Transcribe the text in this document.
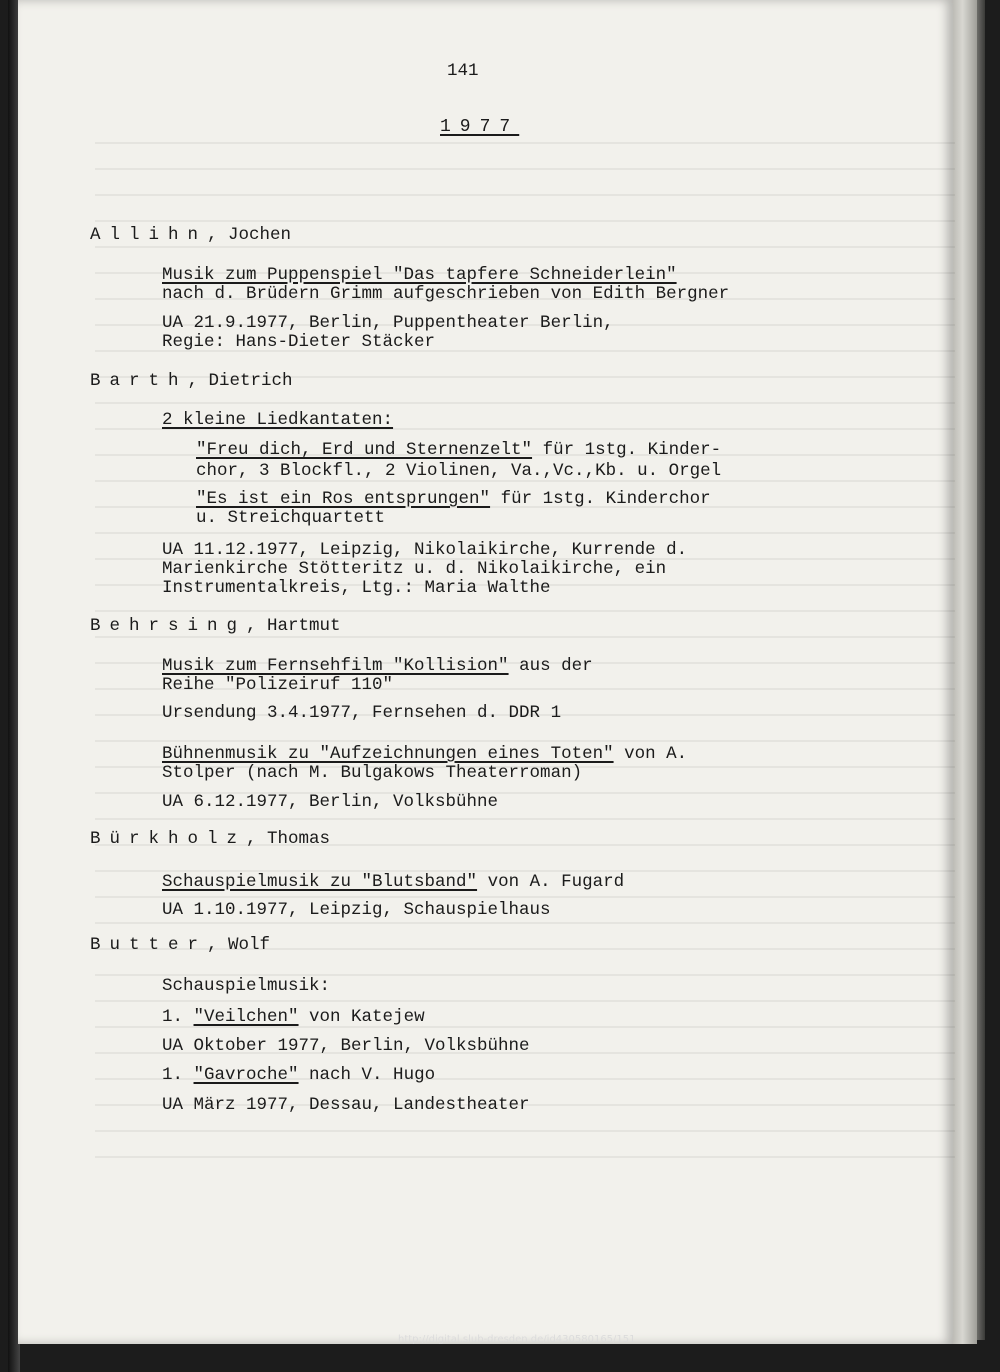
141
1977
Allihn, Jochen
Musik zum Puppenspiel "Das tapfere Schneiderlein"
nach d. Brüdern Grimm aufgeschrieben von Edith Bergner
UA 21.9.1977, Berlin, Puppentheater Berlin,
Regie: Hans-Dieter Stäcker
Barth, Dietrich
2 kleine Liedkantaten:
"Freu dich, Erd und Sternenzelt" für 1stg. Kinder-
chor, 3 Blockfl., 2 Violinen, Va.,Vc.,Kb. u. Orgel
"Es ist ein Ros entsprungen" für 1stg. Kinderchor
u. Streichquartett
UA 11.12.1977, Leipzig, Nikolaikirche, Kurrende d.
Marienkirche Stötteritz u. d. Nikolaikirche, ein
Instrumentalkreis, Ltg.: Maria Walthe
Behrsing, Hartmut
Musik zum Fernsehfilm "Kollision" aus der
Reihe "Polizeiruf 110"
Ursendung 3.4.1977, Fernsehen d. DDR 1
Bühnenmusik zu "Aufzeichnungen eines Toten" von A.
Stolper (nach M. Bulgakows Theaterroman)
UA 6.12.1977, Berlin, Volksbühne
Bürkholz, Thomas
Schauspielmusik zu "Blutsband" von A. Fugard
UA 1.10.1977, Leipzig, Schauspielhaus
Butter, Wolf
Schauspielmusik:
1. "Veilchen" von Katejew
UA Oktober 1977, Berlin, Volksbühne
1. "Gavroche" nach V. Hugo
UA März 1977, Dessau, Landestheater
http://digital.slub-dresden.de/id430580165/151
